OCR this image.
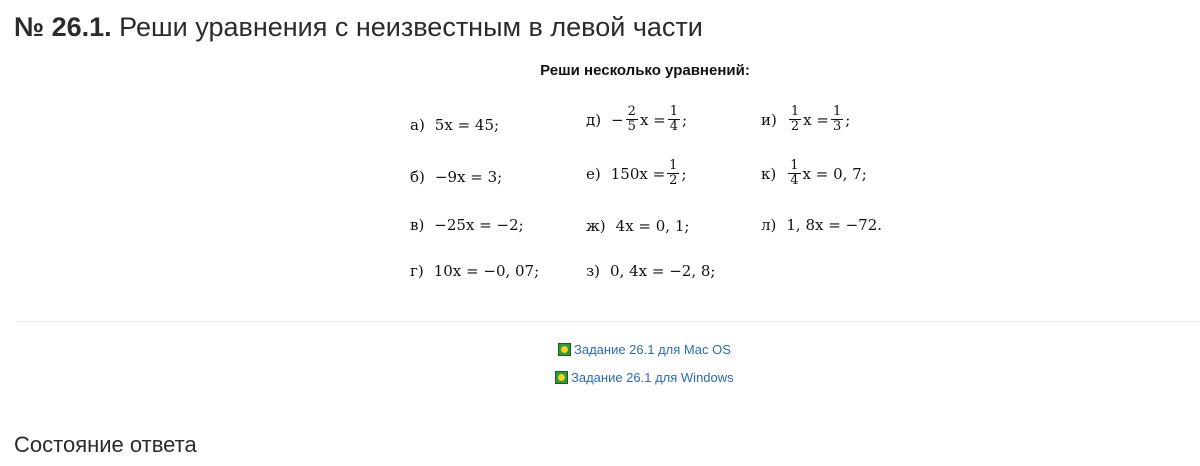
№ 26.1. Реши уравнения с неизвестным в левой части
Реши несколько уравнений:
а) 5x = 45;
б) −9x = 3;
в) −25x = −2;
г) 10x = −0, 07;
$д) - \frac{2}{5}$ $x = \frac{1}{4}$ ;
е) $150x = \frac{1}{2}$ ;
ж) 4x = 0, 1;
з) 0, 4x = −2, 8;
$и) \frac{1}{2}$ $x = \frac{1}{3}$ ;
$к) \frac{1}{4}$ x = 0, 7;
л) 1, 8x = −72.
Задание 26.1 для Mac OS
Задание 26.1 для Windows
Состояние ответа
